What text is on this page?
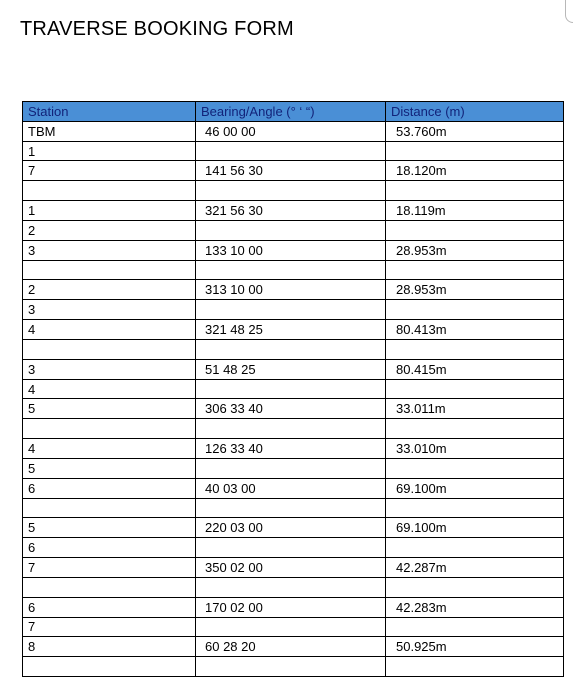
TRAVERSE BOOKING FORM
Station	Bearing/Angle (° ‘ “)	Distance (m)
TBM	46 00 00	53.760m
1		
7	141 56 30	18.120m

1	321 56 30	18.119m
2		
3	133 10 00	28.953m

2	313 10 00	28.953m
3		
4	321 48 25	80.413m

3	51 48 25	80.415m
4		
5	306 33 40	33.011m

4	126 33 40	33.010m
5		
6	40 03 00	69.100m

5	220 03 00	69.100m
6		
7	350 02 00	42.287m

6	170 02 00	42.283m
7		
8	60 28 20	50.925m
